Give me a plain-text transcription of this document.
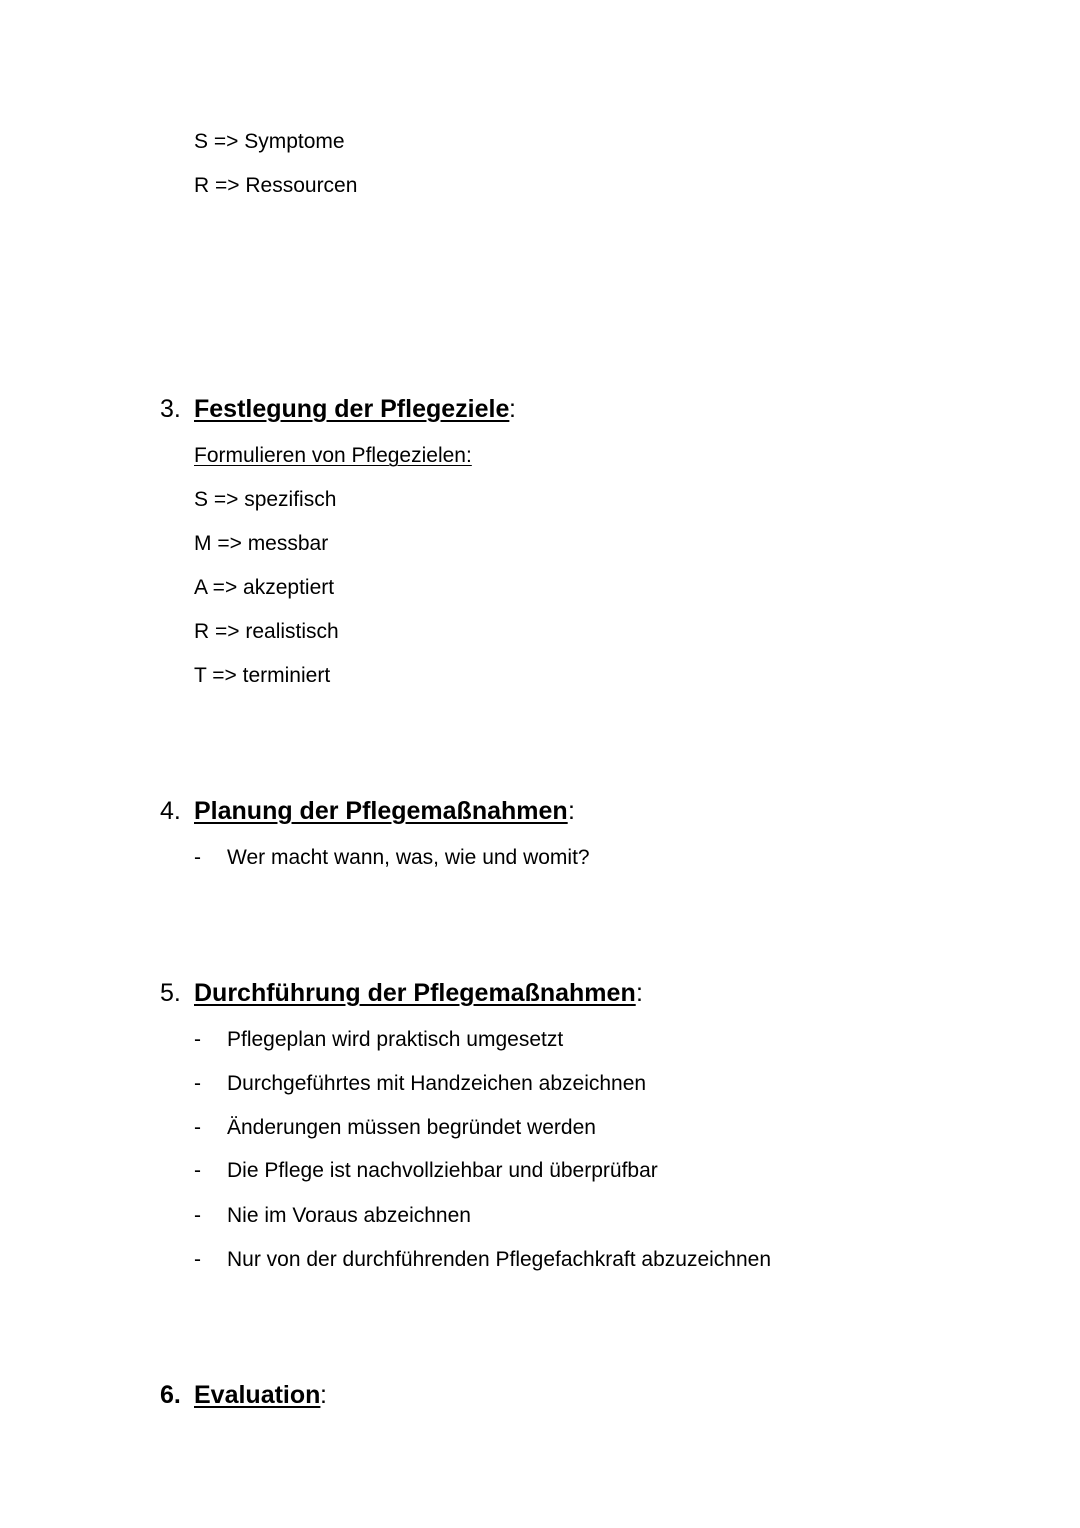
S => Symptome
R => Ressourcen
3. Festlegung der Pflegeziele :
Formulieren von Pflegezielen:
S => spezifisch
M => messbar
A => akzeptiert
R => realistisch
T => terminiert
4. Planung der Pflegemaßnahmen :
- Wer macht wann, was, wie und womit?
5. Durchführung der Pflegemaßnahmen :
- Pflegeplan wird praktisch umgesetzt
- Durchgeführtes mit Handzeichen abzeichnen
- Änderungen müssen begründet werden
- Die Pflege ist nachvollziehbar und überprüfbar
- Nie im Voraus abzeichnen
- Nur von der durchführenden Pflegefachkraft abzuzeichnen
6. Evaluation :
